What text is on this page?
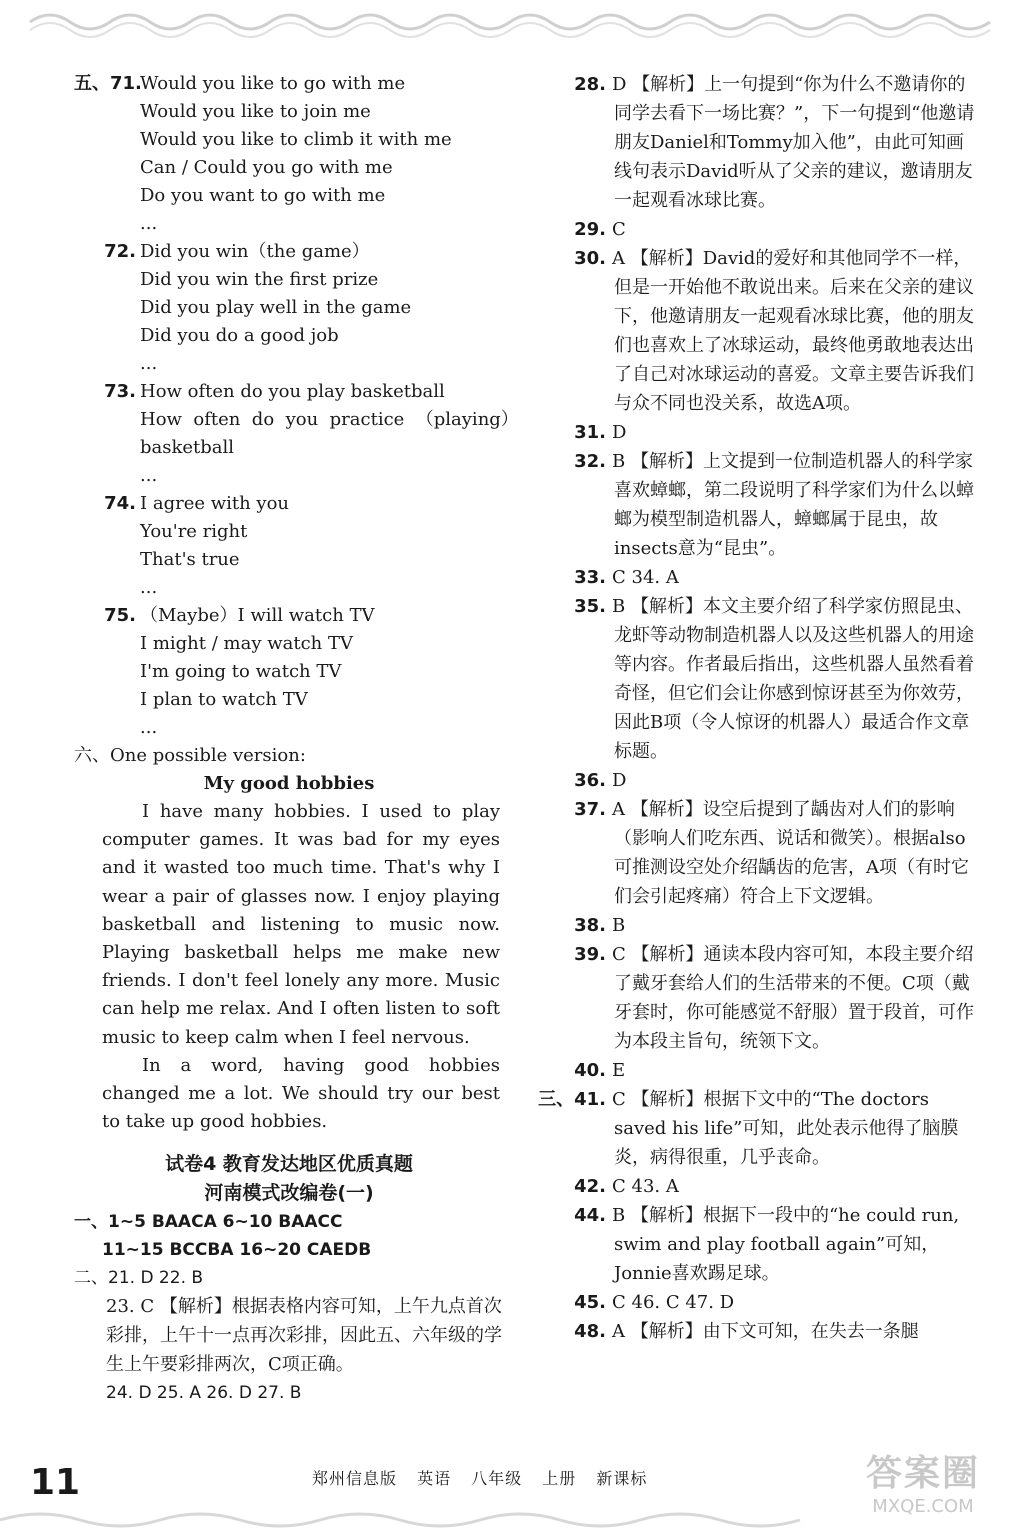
五、71.Would you like to go with me
Would you like to join me
Would you like to climb it with me
Can / Could you go with me
Do you want to go with me
...
72. Did you win（the game）
Did you win the first prize
Did you play well in the game
Did you do a good job
...
73. How often do you play basketball
How  often  do  you  practice  （playing）
basketball
...
74. I agree with you
You're right
That's true
...
75. （Maybe）I will watch TV
I might / may watch TV
I'm going to watch TV
I plan to watch TV
...
六、One possible version:
My good hobbies

I have many hobbies. I used to play computer games. It was bad for my eyes and it wasted too much time. That's why I wear a pair of glasses now. I enjoy playing basketball and listening to music now. Playing basketball helps me make new friends. I don't feel lonely any more. Music can help me relax. And I often listen to soft music to keep calm when I feel nervous.

In a word, having good hobbies changed me a lot. We should try our best to take up good hobbies.

试卷4 教育发达地区优质真题
河南模式改编卷(一)
一、1~5 BAACA 6~10 BAACC
11~15 BCCBA 16~20 CAEDB
二、21. D 22. B
23. C 【解析】根据表格内容可知，上午九点首次彩排，上午十一点再次彩排，因此五、六年级的学生上午要彩排两次，C项正确。
24. D 25. A 26. D 27. B
28. D 【解析】上一句提到“你为什么不邀请你的同学去看下一场比赛？”，下一句提到“他邀请朋友Daniel和Tommy加入他”，由此可知画线句表示David听从了父亲的建议，邀请朋友一起观看冰球比赛。
29. C
30. A 【解析】David的爱好和其他同学不一样，但是一开始他不敢说出来。后来在父亲的建议下，他邀请朋友一起观看冰球比赛，他的朋友们也喜欢上了冰球运动，最终他勇敢地表达出了自己对冰球运动的喜爱。文章主要告诉我们与众不同也没关系，故选A项。
31. D
32. B 【解析】上文提到一位制造机器人的科学家喜欢蟑螂，第二段说明了科学家们为什么以蟑螂为模型制造机器人，蟑螂属于昆虫，故insects意为“昆虫”。
33. C 34. A
35. B 【解析】本文主要介绍了科学家仿照昆虫、龙虾等动物制造机器人以及这些机器人的用途等内容。作者最后指出，这些机器人虽然看着奇怪，但它们会让你感到惊讶甚至为你效劳，因此B项（令人惊讶的机器人）最适合作文章标题。
36. D
37. A 【解析】设空后提到了龋齿对人们的影响（影响人们吃东西、说话和微笑）。根据also可推测设空处介绍龋齿的危害，A项（有时它们会引起疼痛）符合上下文逻辑。
38. B
39. C 【解析】通读本段内容可知，本段主要介绍了戴牙套给人们的生活带来的不便。C项（戴牙套时，你可能感觉不舒服）置于段首，可作为本段主旨句，统领下文。
40. E
三、41. C 【解析】根据下文中的“The doctors saved his life”可知，此处表示他得了脑膜炎，病得很重，几乎丧命。
42. C 43. A
44. B 【解析】根据下一段中的“he could run, swim and play football again”可知，Jonnie喜欢踢足球。
45. C 46. C 47. D
48. A 【解析】由下文可知，在失去一条腿
11	郑州信息版 英语 八年级 上册 新课标	答案圈
MXQE.COM
